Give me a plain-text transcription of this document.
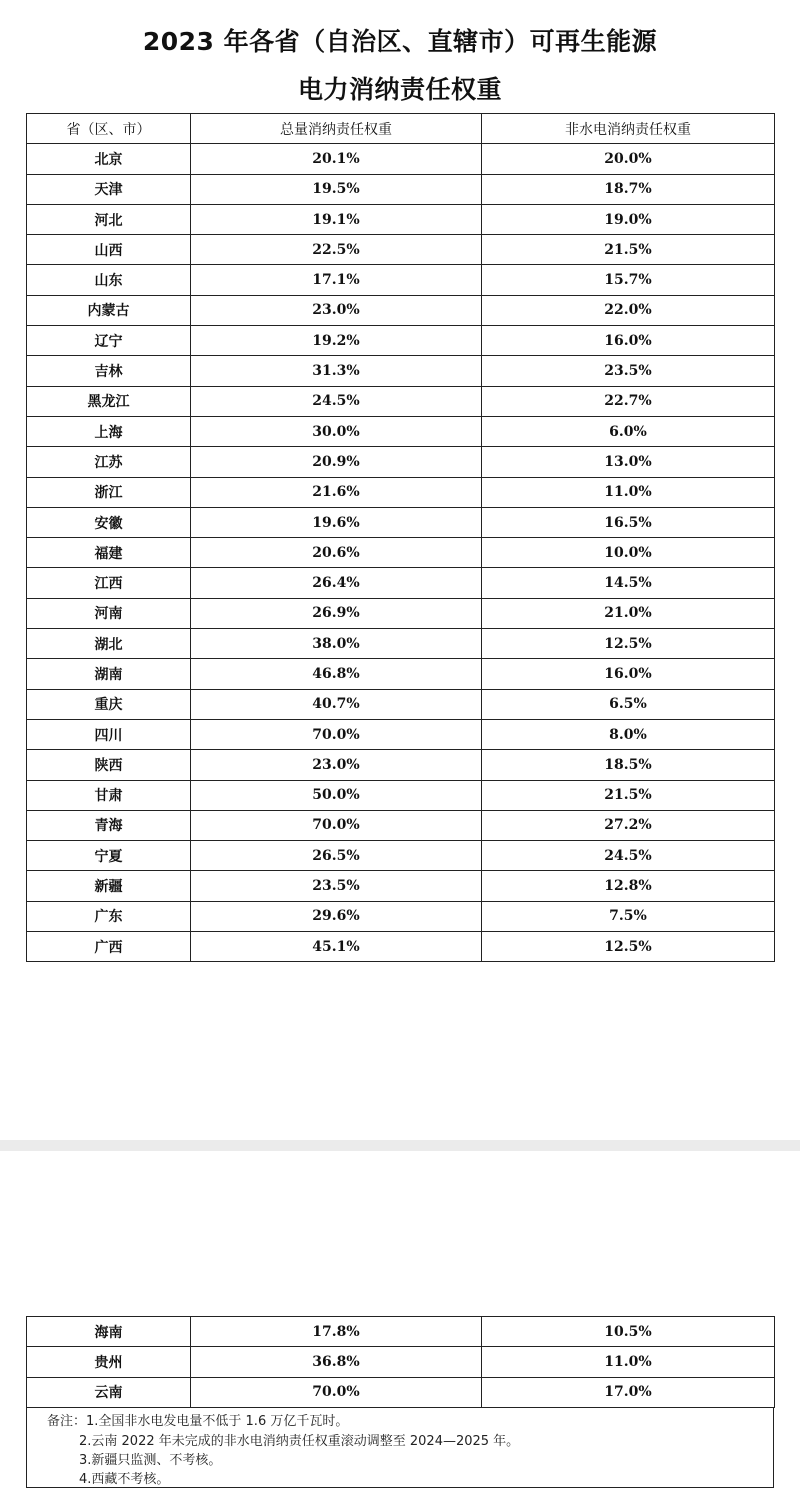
2023 年各省（自治区、直辖市）可再生能源
电力消纳责任权重
省（区、市）	总量消纳责任权重	非水电消纳责任权重
北京	20.1%	20.0%
天津	19.5%	18.7%
河北	19.1%	19.0%
山西	22.5%	21.5%
山东	17.1%	15.7%
内蒙古	23.0%	22.0%
辽宁	19.2%	16.0%
吉林	31.3%	23.5%
黑龙江	24.5%	22.7%
上海	30.0%	6.0%
江苏	20.9%	13.0%
浙江	21.6%	11.0%
安徽	19.6%	16.5%
福建	20.6%	10.0%
江西	26.4%	14.5%
河南	26.9%	21.0%
湖北	38.0%	12.5%
湖南	46.8%	16.0%
重庆	40.7%	6.5%
四川	70.0%	8.0%
陕西	23.0%	18.5%
甘肃	50.0%	21.5%
青海	70.0%	27.2%
宁夏	26.5%	24.5%
新疆	23.5%	12.8%
广东	29.6%	7.5%
广西	45.1%	12.5%
海南	17.8%	10.5%
贵州	36.8%	11.0%
云南	70.0%	17.0%
备注：1.全国非水电发电量不低于 1.6 万亿千瓦时。
2.云南 2022 年未完成的非水电消纳责任权重滚动调整至 2024—2025 年。
3.新疆只监测、不考核。
4.西藏不考核。
